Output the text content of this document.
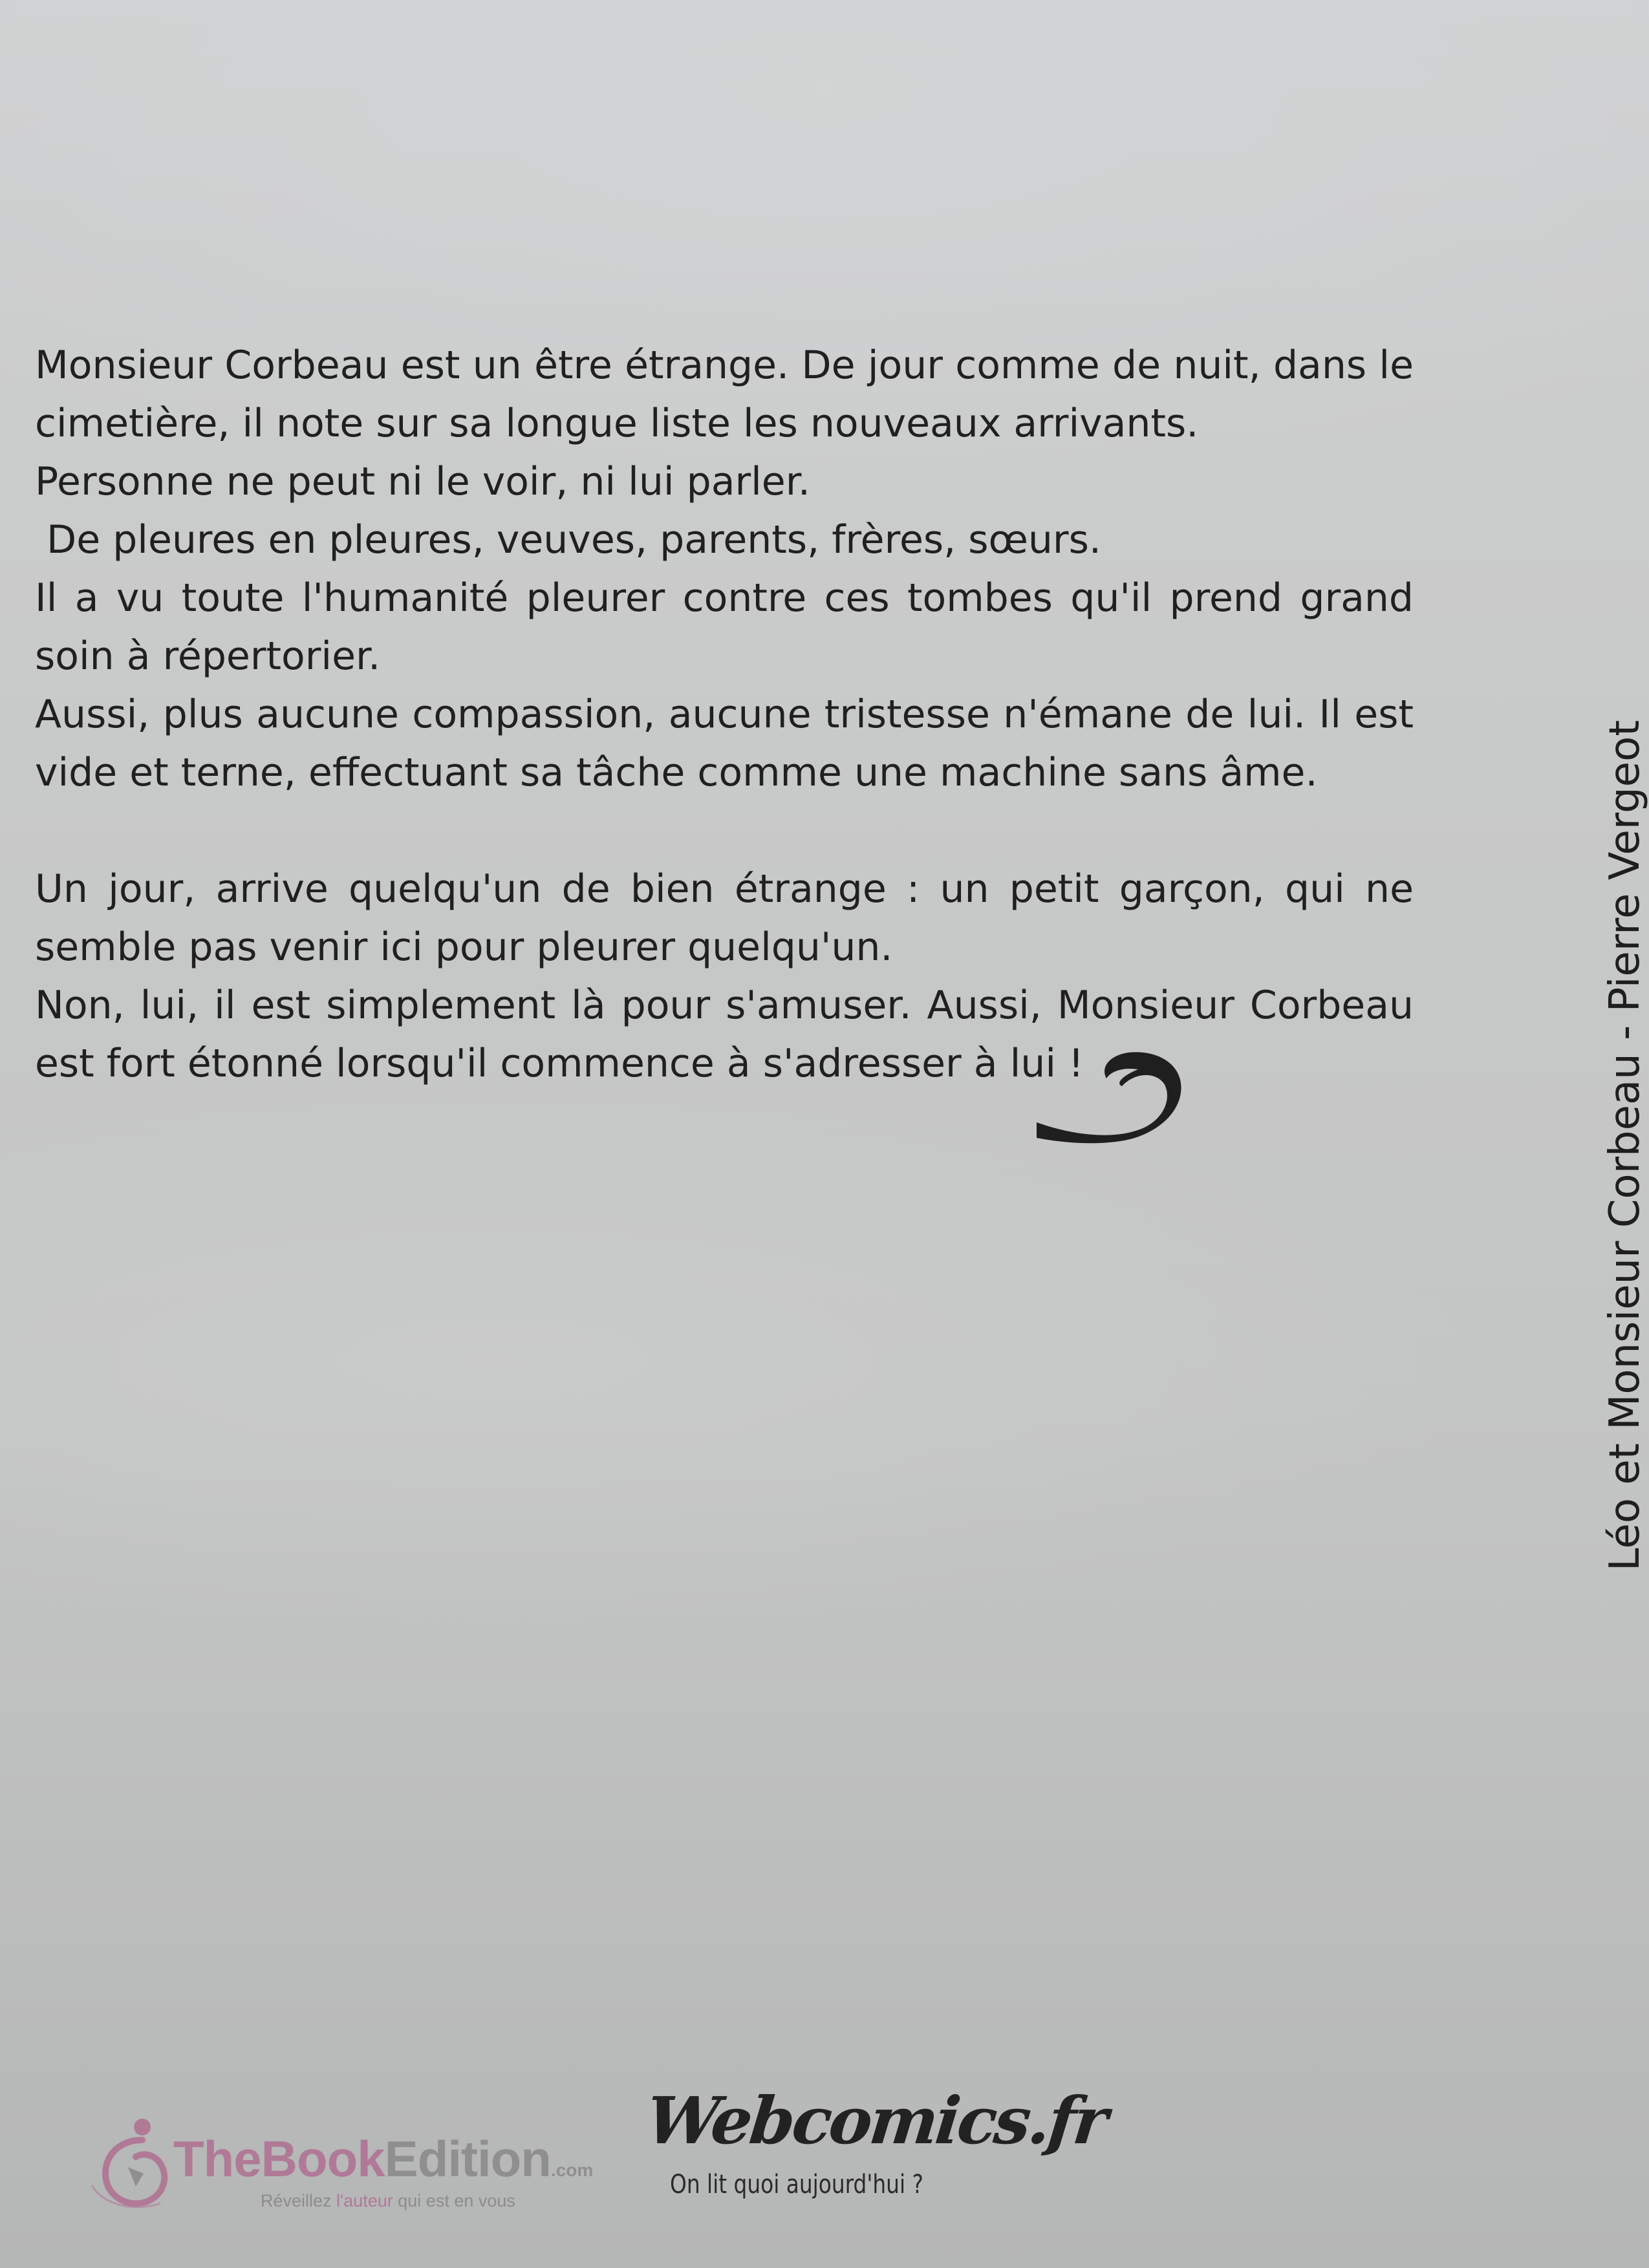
Monsieur Corbeau est un être étrange. De jour comme de nuit, dans le cimetière, il note sur sa longue liste les nouveaux arrivants.

Personne ne peut ni le voir, ni lui parler.

De pleures en pleures, veuves, parents, frères, sœurs.

Il a vu toute l'humanité pleurer contre ces tombes qu'il prend grand soin à répertorier.

Aussi, plus aucune compassion, aucune tristesse n'émane de lui. Il est vide et terne, effectuant sa tâche comme une machine sans âme.

Un jour, arrive quelqu'un de bien étrange : un petit garçon, qui ne semble pas venir ici pour pleurer quelqu'un.

Non, lui, il est simplement là pour s'amuser. Aussi, Monsieur Corbeau est fort étonné lorsqu'il commence à s'adresser à lui !	Léo et Monsieur Corbeau - Pierre Vergeot
TheBookEdition.com
Réveillez l'auteur qui est en vous
Webcomics.fr
On lit quoi aujourd'hui ?
